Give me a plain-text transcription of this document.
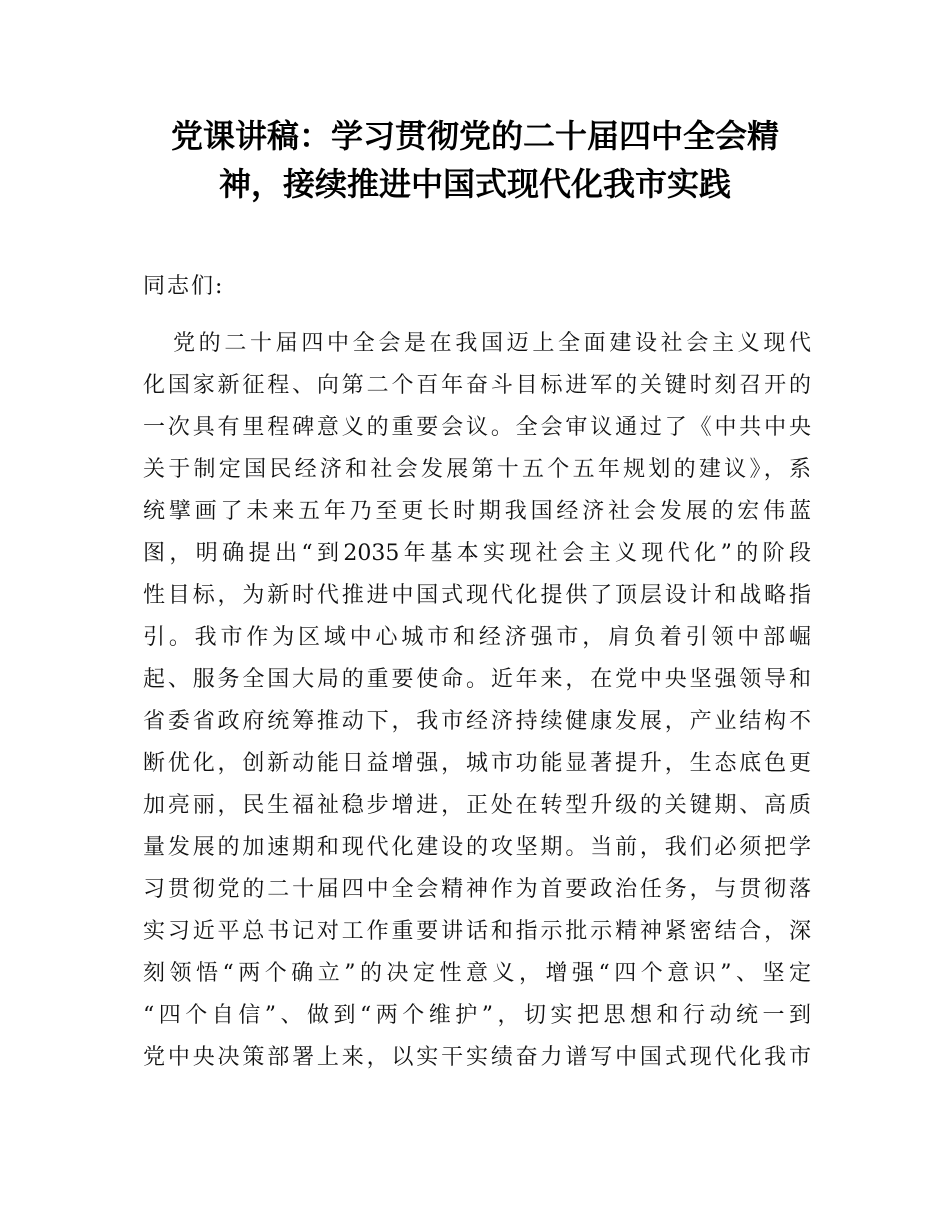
党课讲稿：学习贯彻党的二十届四中全会精
神，接续推进中国式现代化我市实践

同志们:

党的二十届四中全会是在我国迈上全面建设社会主义现代
化国家新征程、向第二个百年奋斗目标进军的关键时刻召开的
一次具有里程碑意义的重要会议。全会审议通过了《中共中央
关于制定国民经济和社会发展第十五个五年规划的建议》，系
统擘画了未来五年乃至更长时期我国经济社会发展的宏伟蓝
图，明确提出“到2035年基本实现社会主义现代化”的阶段
性目标，为新时代推进中国式现代化提供了顶层设计和战略指
引。我市作为区域中心城市和经济强市，肩负着引领中部崛
起、服务全国大局的重要使命。近年来，在党中央坚强领导和
省委省政府统筹推动下，我市经济持续健康发展，产业结构不
断优化，创新动能日益增强，城市功能显著提升，生态底色更
加亮丽，民生福祉稳步增进，正处在转型升级的关键期、高质
量发展的加速期和现代化建设的攻坚期。当前，我们必须把学
习贯彻党的二十届四中全会精神作为首要政治任务，与贯彻落
实习近平总书记对工作重要讲话和指示批示精神紧密结合，深
刻领悟“两个确立”的决定性意义，增强“四个意识”、坚定
“四个自信”、做到“两个维护”，切实把思想和行动统一到
党中央决策部署上来，以实干实绩奋力谱写中国式现代化我市
